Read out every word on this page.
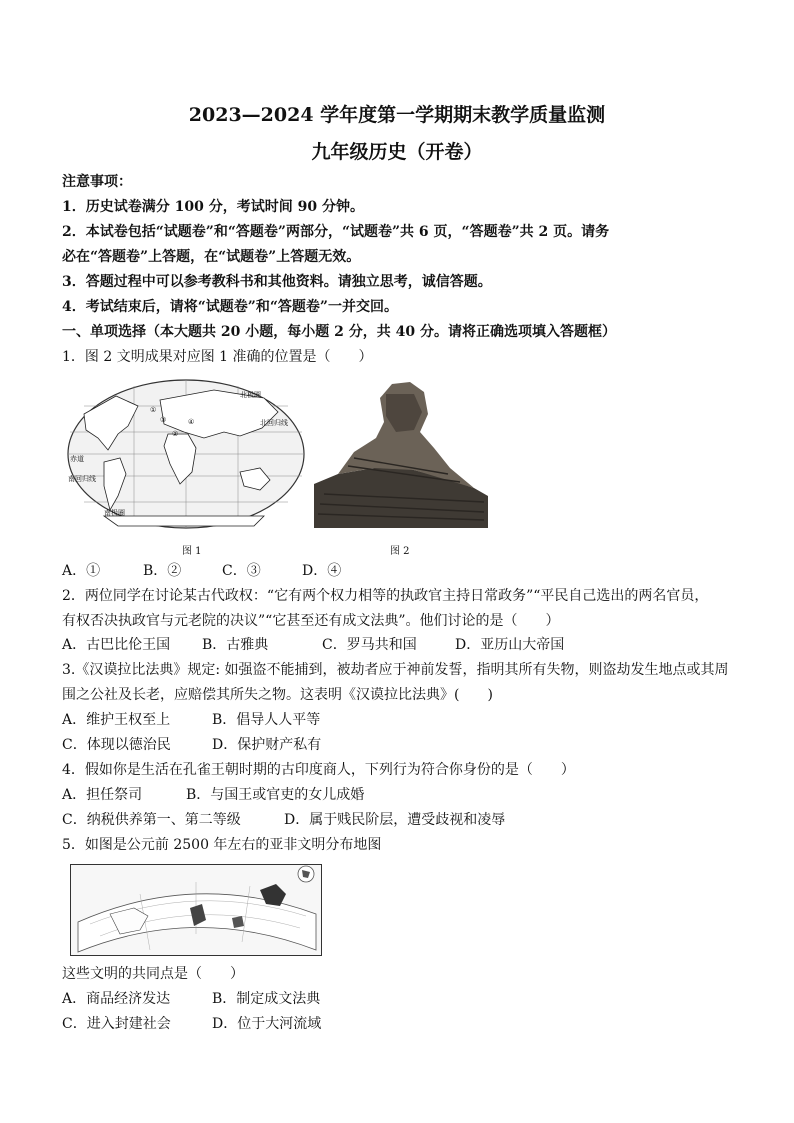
2023—2024 学年度第一学期期末教学质量监测
九年级历史（开卷）
注意事项：
1．历史试卷满分 100 分，考试时间 90 分钟。
2．本试卷包括“试题卷”和“答题卷”两部分，“试题卷”共 6 页，“答题卷”共 2 页。请务
必在“答题卷”上答题，在“试题卷”上答题无效。
3．答题过程中可以参考教科书和其他资料。请独立思考，诚信答题。
4．考试结束后，请将“试题卷”和“答题卷”一并交回。
一、单项选择（本大题共 20 小题，每小题 2 分，共 40 分。请将正确选项填入答题框）
1．图 2 文明成果对应图 1 准确的位置是（　　）
①
②
③	④	北回归线
赤道
南回归线
南极圈
北极圈
图 1	图 2
A．①	B．②	C．③	D．④
2．两位同学在讨论某古代政权：“它有两个权力相等的执政官主持日常政务”“平民自己选出的两名官员，
有权否决执政官与元老院的决议”“它甚至还有成文法典”。他们讨论的是（　　）
A．古巴比伦王国 B．古雅典	C．罗马共和国	D．亚历山大帝国
3.《汉谟拉比法典》规定: 如强盗不能捕到，被劫者应于神前发誓，指明其所有失物，则盗劫发生地点或其周
围之公社及长老，应赔偿其所失之物。这表明《汉谟拉比法典》(　　)
A．维护王权至上	B．倡导人人平等
C．体现以德治民	D．保护财产私有
4．假如你是生活在孔雀王朝时期的古印度商人，下列行为符合你身份的是（　　）
A．担任祭司	B．与国王或官吏的女儿成婚
C．纳税供养第一、第二等级	D．属于贱民阶层，遭受歧视和凌辱
5．如图是公元前 2500 年左右的亚非文明分布地图
这些文明的共同点是（　　）
A．商品经济发达	B．制定成文法典
C．进入封建社会	D．位于大河流域
